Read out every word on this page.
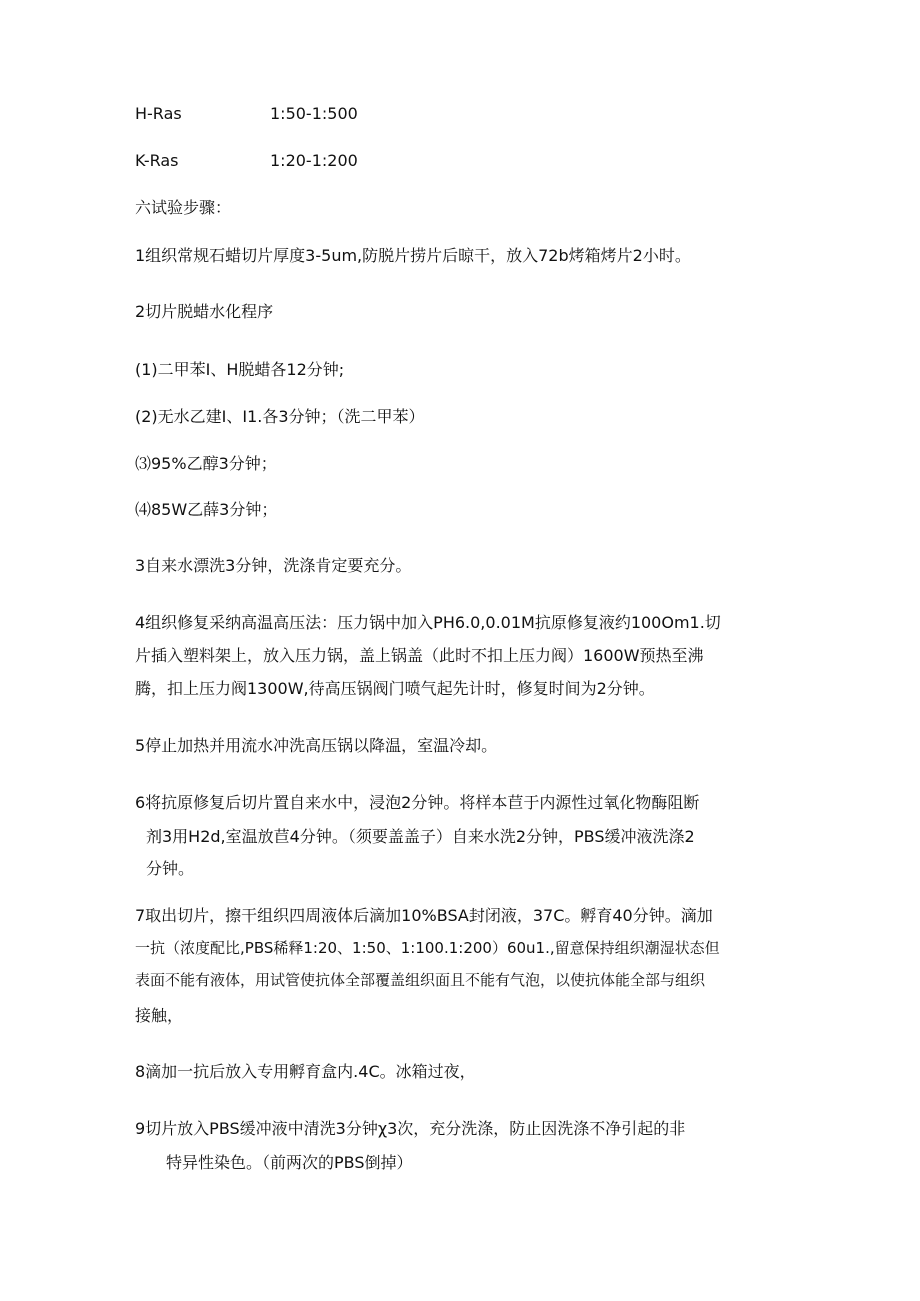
H-Ras	1:50-1:500
K-Ras	1:20-1:200
六试验步骤：
1组织常规石蜡切片厚度3-5um,防脱片捞片后晾干，放入72b烤箱烤片2小时。
2切片脱蜡水化程序
(1)二甲苯I、H脱蜡各12分钟;
(2)无水乙建I、I1.各3分钟；（洗二甲苯）
⑶95%乙醇3分钟；
⑷85W乙薛3分钟；
3自来水漂洗3分钟，洗涤肯定要充分。
4组织修复采纳高温高压法：压力锅中加入PH6.0,0.01M抗原修复液约100Om1.切
片插入塑料架上，放入压力锅，盖上锅盖（此时不扣上压力阀）1600W预热至沸
腾，扣上压力阀1300W,待高压锅阀门喷气起先计时，修复时间为2分钟。
5停止加热并用流水冲洗高压锅以降温，室温冷却。
6将抗原修复后切片置自来水中，浸泡2分钟。将样本苣于内源性过氧化物酶阻断
剂3用H2d,室温放苣4分钟。（须要盖盖子）自来水洗2分钟，PBS缓冲液洗涤2
分钟。
7取出切片，擦干组织四周液体后滴加10%BSA封闭液，37C。孵育40分钟。滴加
一抗（浓度配比,PBS稀释1:20、1:50、1:100.1:200）60u1.,留意保持组织潮湿状态但
表面不能有液体，用试管使抗体全部覆盖组织面且不能有气泡，以使抗体能全部与组织
接触，
8滴加一抗后放入专用孵育盒内.4C。冰箱过夜，
9切片放入PBS缓冲液中清洗3分钟χ3次，充分洗涤，防止因洗涤不净引起的非
特异性染色。（前两次的PBS倒掉）
